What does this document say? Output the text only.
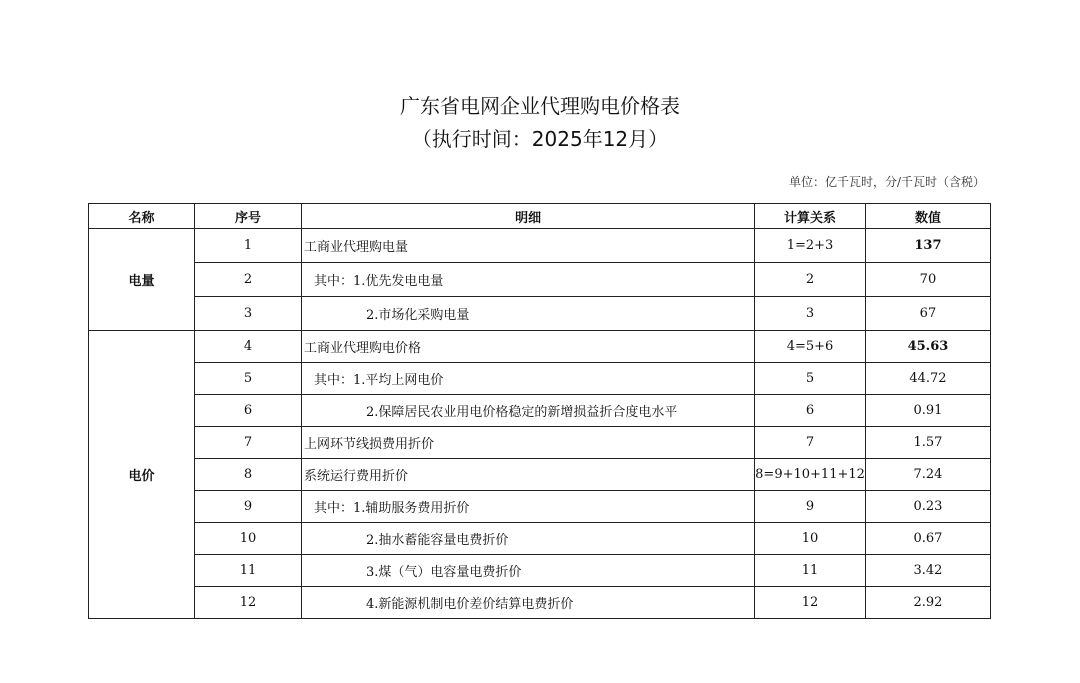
广东省电网企业代理购电价格表
（执行时间：2025年12月）
单位：亿千瓦时，分/千瓦时（含税）
名称	序号	明细	计算关系	数值
电量	1	工商业代理购电量	1=2+3	137
	2	其中：1.优先发电电量	2	70
	3	2.市场化采购电量	3	67
电价	4	工商业代理购电价格	4=5+6	45.63
	5	其中：1.平均上网电价	5	44.72
	6	2.保障居民农业用电价格稳定的新增损益折合度电水平	6	0.91
	7	上网环节线损费用折价	7	1.57
	8	系统运行费用折价	8=9+10+11+12	7.24
	9	其中：1.辅助服务费用折价	9	0.23
	10	2.抽水蓄能容量电费折价	10	0.67
	11	3.煤（气）电容量电费折价	11	3.42
	12	4.新能源机制电价差价结算电费折价	12	2.92
